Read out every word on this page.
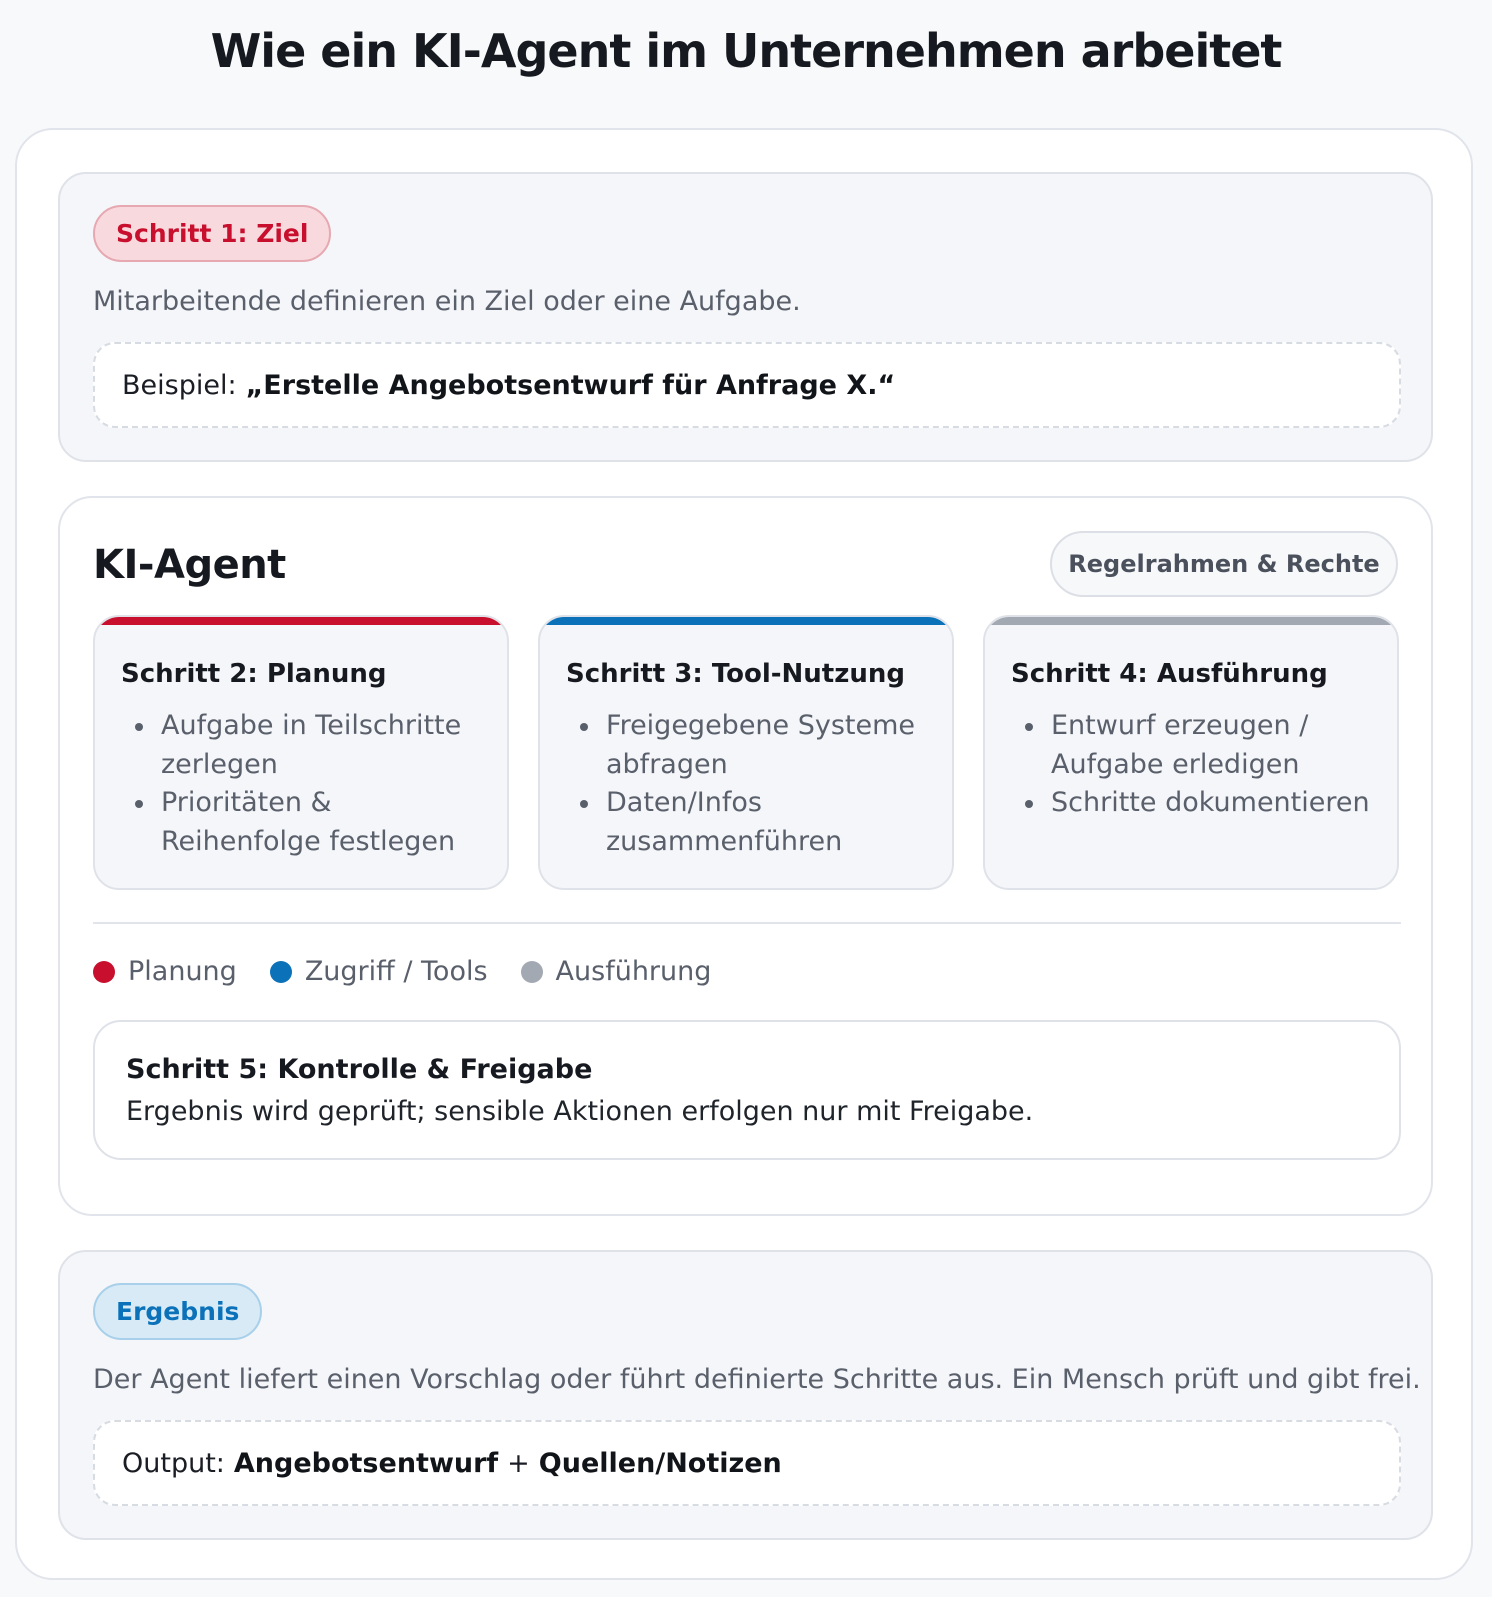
Wie ein KI-Agent im Unternehmen arbeitet
Schritt 1: Ziel
Mitarbeitende definieren ein Ziel oder eine Aufgabe.
Beispiel: „Erstelle Angebotsentwurf für Anfrage X.“
KI-Agent	Regelrahmen & Rechte
Schritt 2: Planung
Aufgabe in Teilschritte zerlegen
Prioritäten & Reihenfolge festlegen
Schritt 3: Tool-Nutzung
Freigegebene Systeme abfragen
Daten/Infos zusammenführen
Schritt 4: Ausführung
Entwurf erzeugen / Aufgabe erledigen
Schritte dokumentieren
Planung	Zugriff / Tools	Ausführung
Schritt 5: Kontrolle & Freigabe
Ergebnis wird geprüft; sensible Aktionen erfolgen nur mit Freigabe.
Ergebnis
Der Agent liefert einen Vorschlag oder führt definierte Schritte aus. Ein Mensch prüft und gibt frei.
Output: Angebotsentwurf + Quellen/Notizen
